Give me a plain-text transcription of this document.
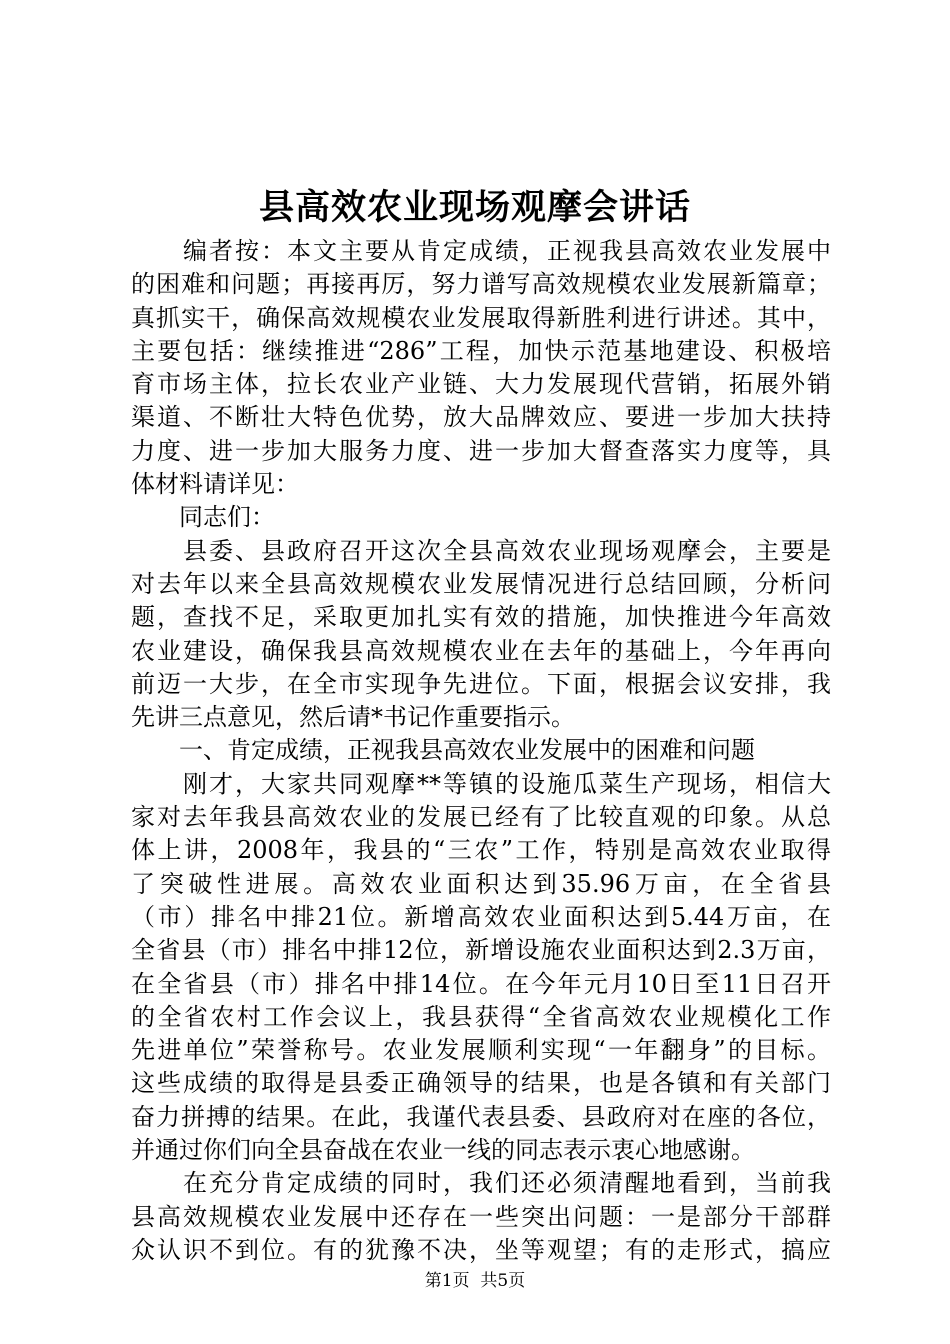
县高效农业现场观摩会讲话
　　编者按：本文主要从肯定成绩，正视我县高效农业发展中
的困难和问题；再接再厉，努力谱写高效规模农业发展新篇章；
真抓实干，确保高效规模农业发展取得新胜利进行讲述。其中，
主要包括：继续推进“286”工程，加快示范基地建设、积极培
育市场主体，拉长农业产业链、大力发展现代营销，拓展外销
渠道、不断壮大特色优势，放大品牌效应、要进一步加大扶持
力度、进一步加大服务力度、进一步加大督查落实力度等，具
体材料请详见：
　　同志们：
　　县委、县政府召开这次全县高效农业现场观摩会，主要是
对去年以来全县高效规模农业发展情况进行总结回顾，分析问
题，查找不足，采取更加扎实有效的措施，加快推进今年高效
农业建设，确保我县高效规模农业在去年的基础上，今年再向
前迈一大步，在全市实现争先进位。下面，根据会议安排，我
先讲三点意见，然后请*书记作重要指示。
　　一、肯定成绩，正视我县高效农业发展中的困难和问题
　　刚才，大家共同观摩**等镇的设施瓜菜生产现场，相信大
家对去年我县高效农业的发展已经有了比较直观的印象。从总
体上讲，2008年，我县的“三农”工作，特别是高效农业取得
了突破性进展。高效农业面积达到35.96万亩，在全省县
（市）排名中排21位。新增高效农业面积达到5.44万亩，在
全省县（市）排名中排12位，新增设施农业面积达到2.3万亩，
在全省县（市）排名中排14位。在今年元月10日至11日召开
的全省农村工作会议上，我县获得“全省高效农业规模化工作
先进单位”荣誉称号。农业发展顺利实现“一年翻身”的目标。
这些成绩的取得是县委正确领导的结果，也是各镇和有关部门
奋力拼搏的结果。在此，我谨代表县委、县政府对在座的各位，
并通过你们向全县奋战在农业一线的同志表示衷心地感谢。
　　在充分肯定成绩的同时，我们还必须清醒地看到，当前我
县高效规模农业发展中还存在一些突出问题：一是部分干部群
众认识不到位。有的犹豫不决，坐等观望；有的走形式，搞应
第1页 共5页
